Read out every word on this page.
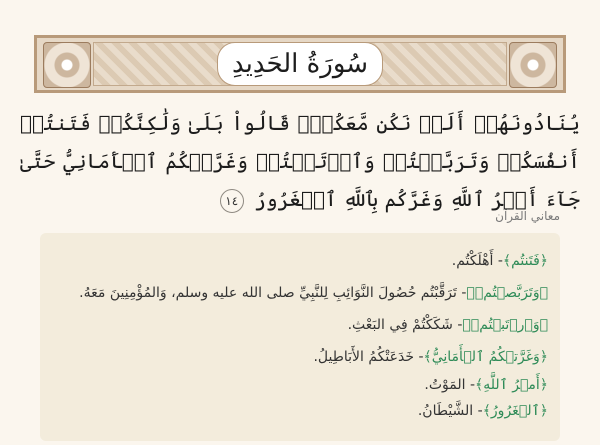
سُورَةُ الحَدِيدِ
يُنَادُونَهُمۡ أَلَمۡ نَكُن مَّعَكُمۡۖ قَالُواْ بَلَىٰ وَلَٰكِنَّكُمۡ فَتَنتُمۡ أَنفُسَكُمۡ وَتَرَبَّصۡتُمۡ وَٱرۡتَبۡتُمۡ وَغَرَّتۡكُمُ ٱلۡأَمَانِيُّ حَتَّىٰ جَآءَ أَمۡرُ ٱللَّهِ وَغَرَّكُم بِٱللَّهِ ٱلۡغَرُورُ ١٤
معاني القرآن
﴿فَتَنتُم﴾- أَهْلَكْتُم.
﴿وَتَرَبَّصۡتُمۡ﴾- تَرَقَّبْتُم حُصُولَ النَّوَائِبِ لِلنَّبِيِّ صلى الله عليه وسلم، وَالمُؤْمِنِينَ مَعَهُ.
﴿وَٱرۡتَبۡتُمۡ﴾- شَكَكْتُمْ فِي البَعْثِ.
﴿وَغَرَّتۡكُمُ ٱلۡأَمَانِيُّ﴾- خَدَعَتْكُمُ الأَبَاطِيلُ.
﴿أَمۡرُ ٱللَّهِ﴾- المَوْتُ.
﴿ٱلۡغَرُورُ﴾- الشَّيْطَانُ.
